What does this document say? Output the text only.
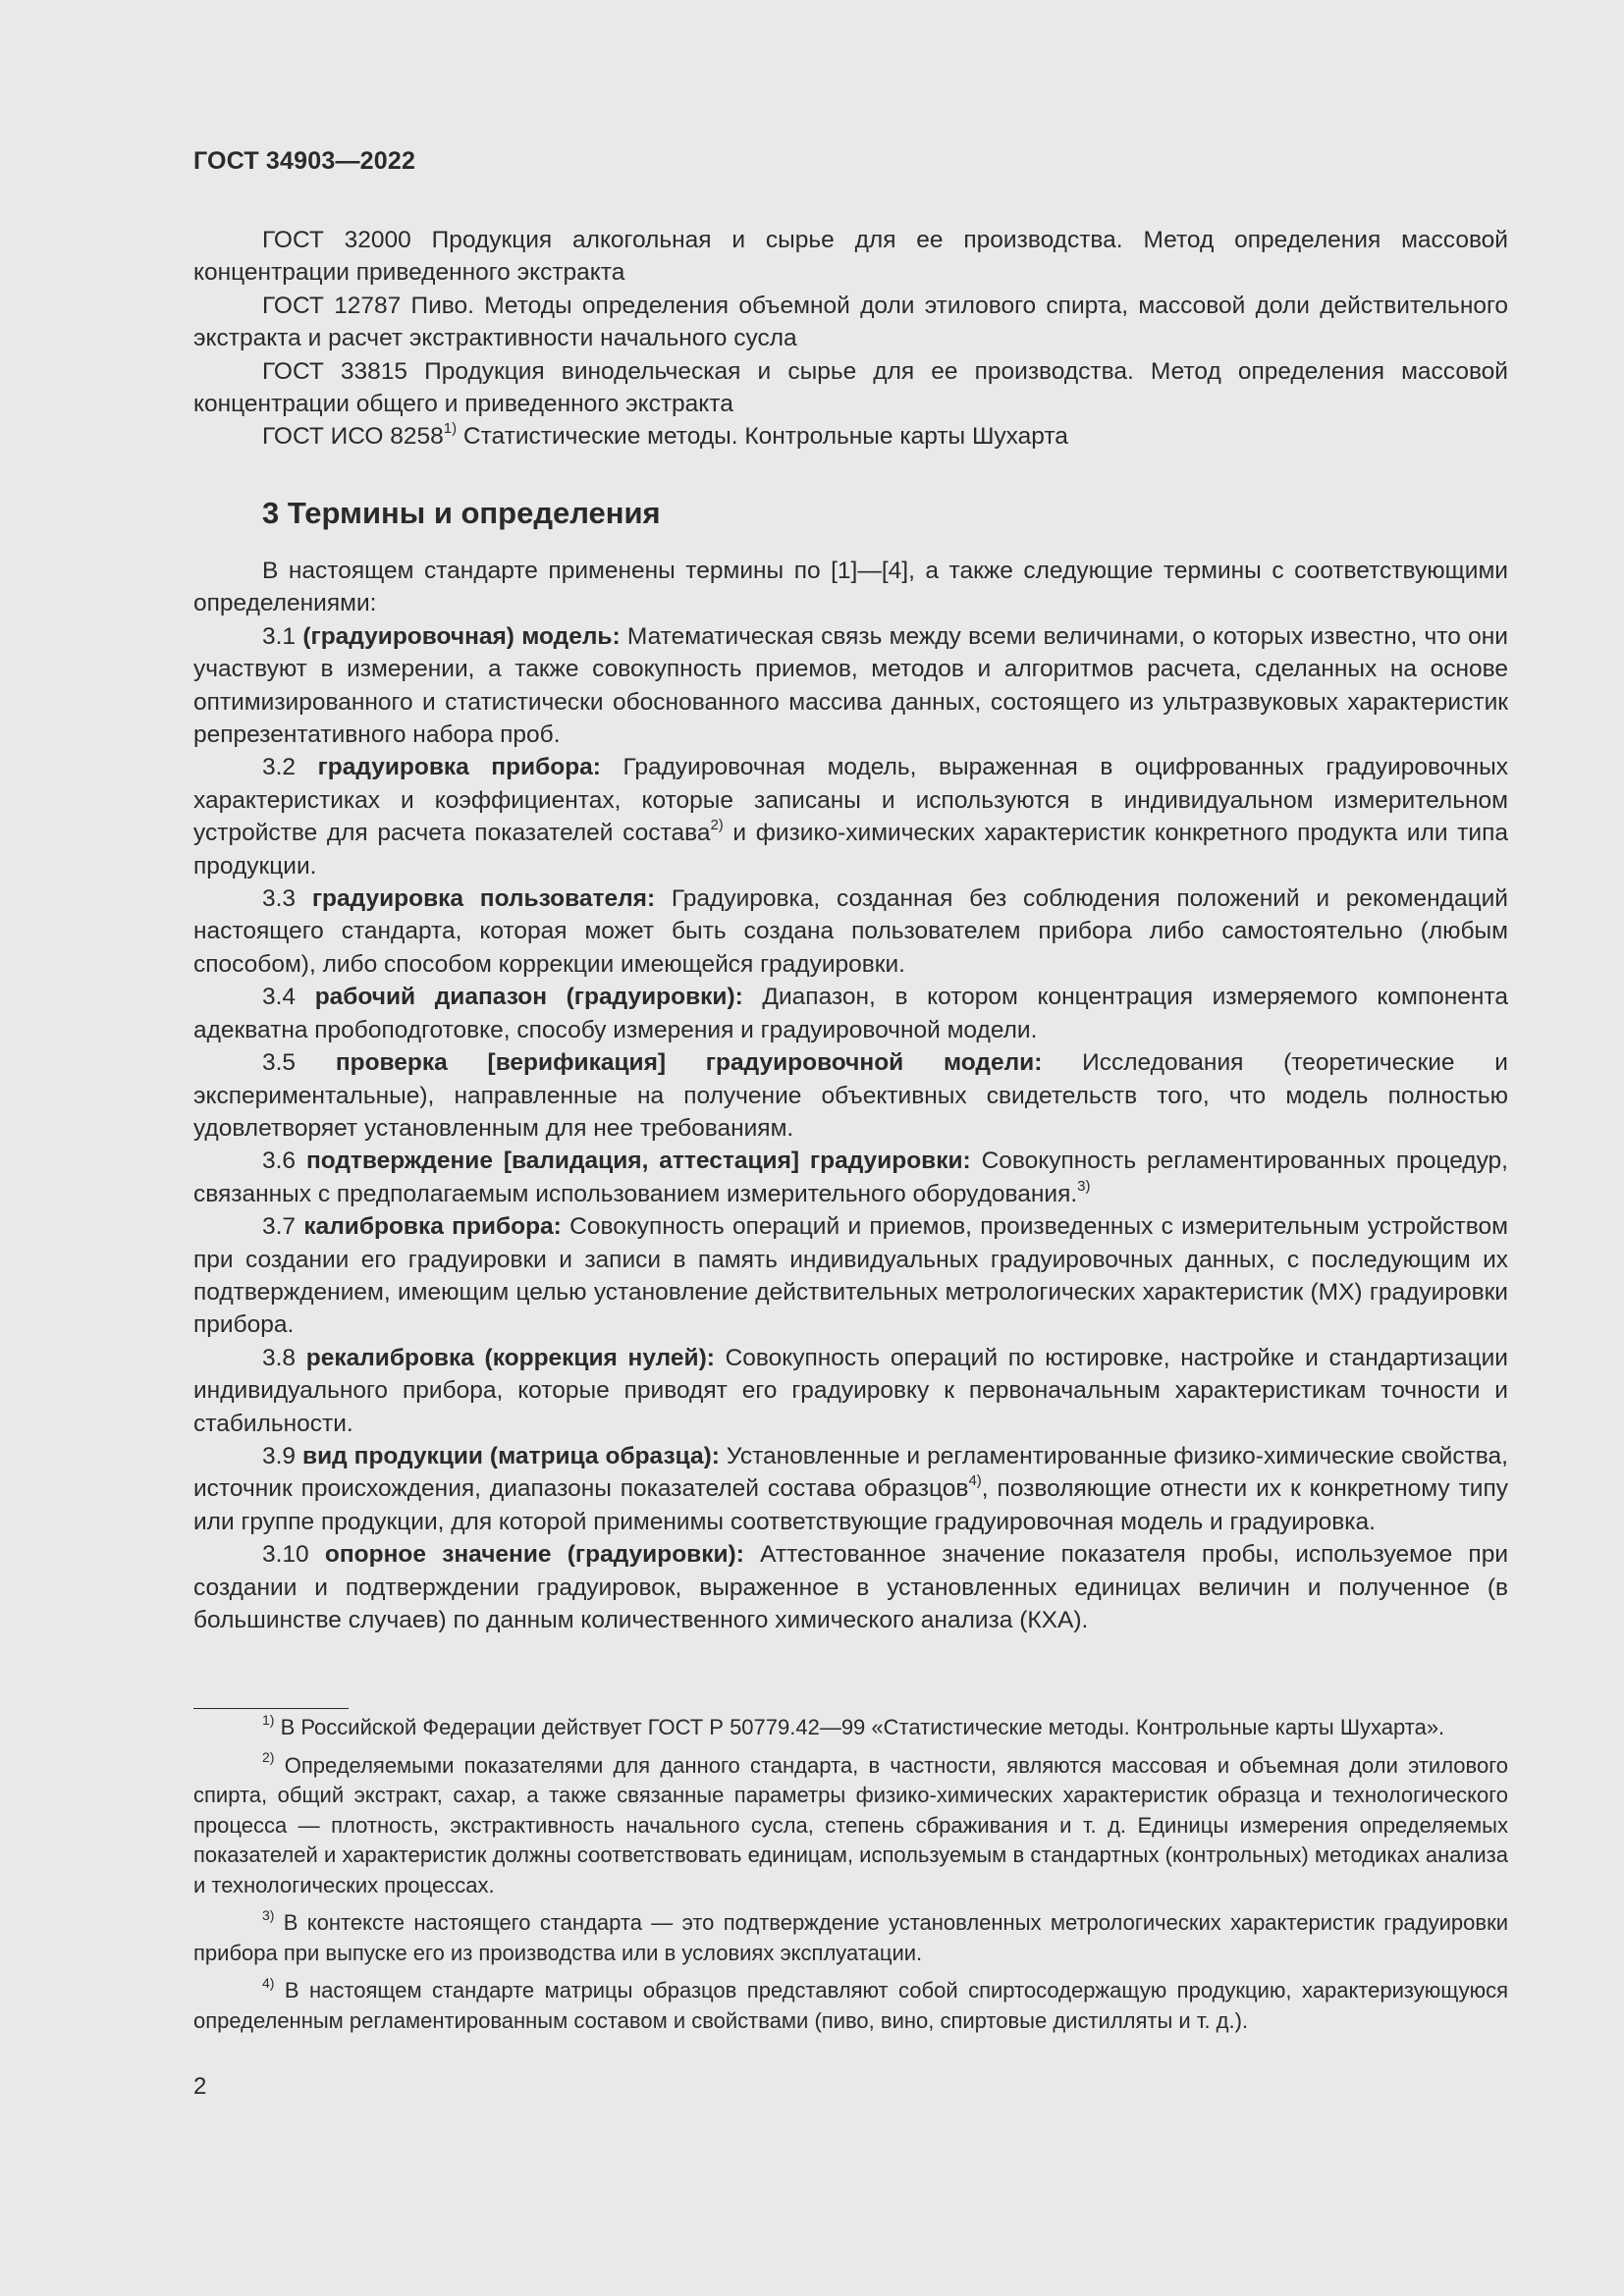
ГОСТ 34903—2022

ГОСТ 32000 Продукция алкогольная и сырье для ее производства. Метод определения массовой концентрации приведенного экстракта

ГОСТ 12787 Пиво. Методы определения объемной доли этилового спирта, массовой доли действительного экстракта и расчет экстрактивности начального сусла

ГОСТ 33815 Продукция винодельческая и сырье для ее производства. Метод определения массовой концентрации общего и приведенного экстракта

ГОСТ ИСО 8258$^{1)}$ Статистические методы. Контрольные карты Шухарта

3 Термины и определения

В настоящем стандарте применены термины по [1]—[4], а также следующие термины с соответствующими определениями:

3.1 (градуировочная) модель: Математическая связь между всеми величинами, о которых известно, что они участвуют в измерении, а также совокупность приемов, методов и алгоритмов расчета, сделанных на основе оптимизированного и статистически обоснованного массива данных, состоящего из ультразвуковых характеристик репрезентативного набора проб.

3.2 градуировка прибора: Градуировочная модель, выраженная в оцифрованных градуировочных характеристиках и коэффициентах, которые записаны и используются в индивидуальном измерительном устройстве для расчета показателей состава$^{2)}$ и физико-химических характеристик конкретного продукта или типа продукции.

3.3 градуировка пользователя: Градуировка, созданная без соблюдения положений и рекомендаций настоящего стандарта, которая может быть создана пользователем прибора либо самостоятельно (любым способом), либо способом коррекции имеющейся градуировки.

3.4 рабочий диапазон (градуировки): Диапазон, в котором концентрация измеряемого компонента адекватна пробоподготовке, способу измерения и градуировочной модели.

3.5 проверка [верификация] градуировочной модели: Исследования (теоретические и экспериментальные), направленные на получение объективных свидетельств того, что модель полностью удовлетворяет установленным для нее требованиям.

3.6 подтверждение [валидация, аттестация] градуировки: Совокупность регламентированных процедур, связанных с предполагаемым использованием измерительного оборудования.$^{3)}$

3.7 калибровка прибора: Совокупность операций и приемов, произведенных с измерительным устройством при создании его градуировки и записи в память индивидуальных градуировочных данных, с последующим их подтверждением, имеющим целью установление действительных метрологических характеристик (МХ) градуировки прибора.

3.8 рекалибровка (коррекция нулей): Совокупность операций по юстировке, настройке и стандартизации индивидуального прибора, которые приводят его градуировку к первоначальным характеристикам точности и стабильности.

3.9 вид продукции (матрица образца): Установленные и регламентированные физико-химические свойства, источник происхождения, диапазоны показателей состава образцов$^{4)}$, позволяющие отнести их к конкретному типу или группе продукции, для которой применимы соответствующие градуировочная модель и градуировка.

3.10 опорное значение (градуировки): Аттестованное значение показателя пробы, используемое при создании и подтверждении градуировок, выраженное в установленных единицах величин и полученное (в большинстве случаев) по данным количественного химического анализа (КХА).

$^{1)}$ В Российской Федерации действует ГОСТ Р 50779.42—99 «Статистические методы. Контрольные карты Шухарта».

$^{2)}$ Определяемыми показателями для данного стандарта, в частности, являются массовая и объемная доли этилового спирта, общий экстракт, сахар, а также связанные параметры физико-химических характеристик образца и технологического процесса — плотность, экстрактивность начального сусла, степень сбраживания и т. д. Единицы измерения определяемых показателей и характеристик должны соответствовать единицам, используемым в стандартных (контрольных) методиках анализа и технологических процессах.

$^{3)}$ В контексте настоящего стандарта — это подтверждение установленных метрологических характеристик градуировки прибора при выпуске его из производства или в условиях эксплуатации.

$^{4)}$ В настоящем стандарте матрицы образцов представляют собой спиртосодержащую продукцию, характеризующуюся определенным регламентированным составом и свойствами (пиво, вино, спиртовые дистилляты и т. д.).

2
